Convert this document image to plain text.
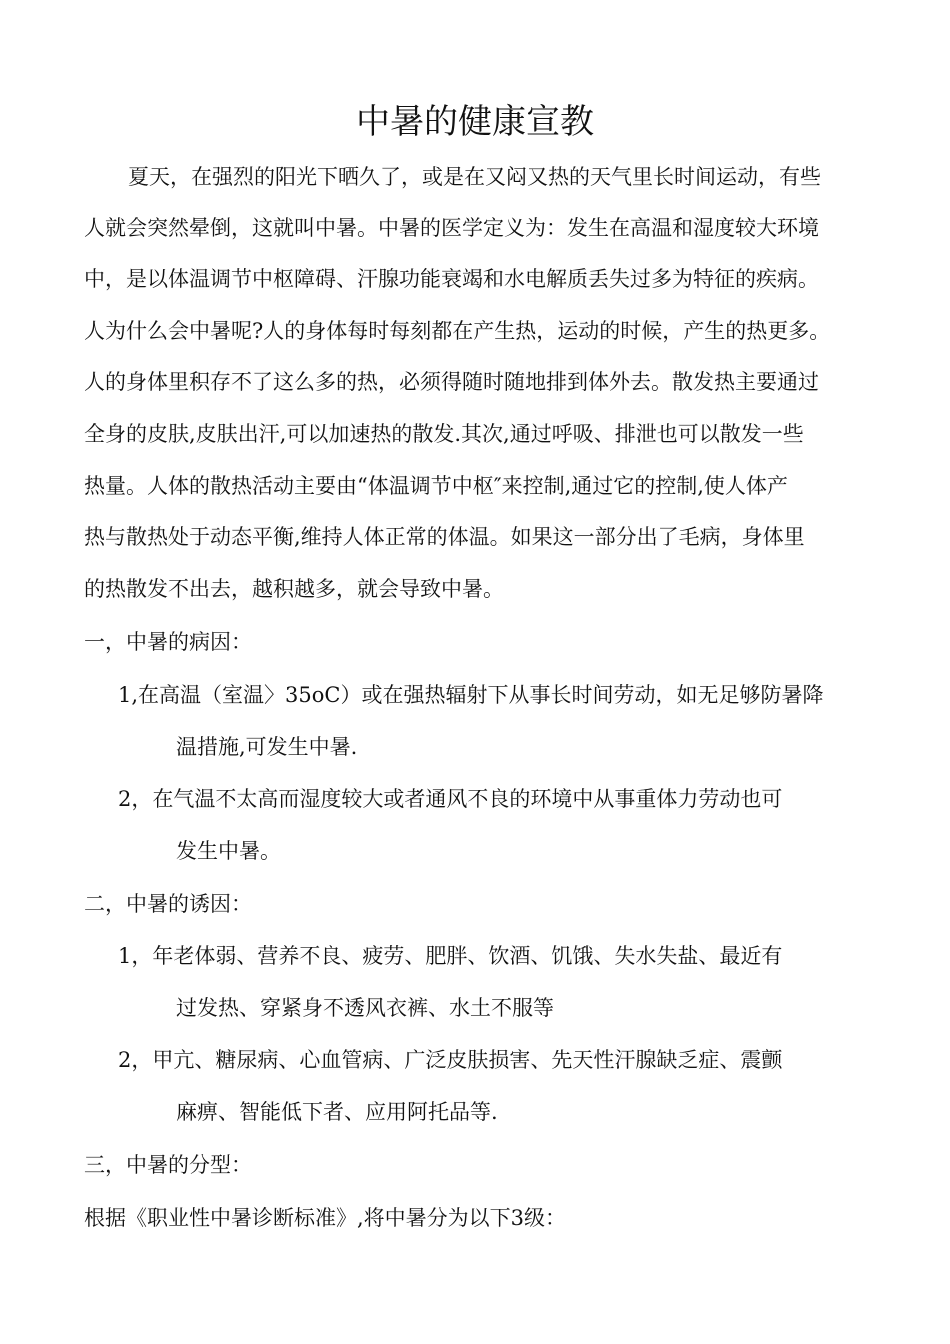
中暑的健康宣教
夏天，在强烈的阳光下晒久了，或是在又闷又热的天气里长时间运动，有些
人就会突然晕倒，这就叫中暑。中暑的医学定义为：发生在高温和湿度较大环境
中，是以体温调节中枢障碍、汗腺功能衰竭和水电解质丢失过多为特征的疾病。
人为什么会中暑呢?人的身体每时每刻都在产生热，运动的时候，产生的热更多。
人的身体里积存不了这么多的热，必须得随时随地排到体外去。散发热主要通过
全身的皮肤,皮肤出汗,可以加速热的散发.其次,通过呼吸、排泄也可以散发一些
热量。人体的散热活动主要由“体温调节中枢″来控制,通过它的控制,使人体产
热与散热处于动态平衡,维持人体正常的体温。如果这一部分出了毛病，身体里
的热散发不出去，越积越多，就会导致中暑。
一，中暑的病因：
1,在高温（室温〉35oC）或在强热辐射下从事长时间劳动，如无足够防暑降
温措施,可发生中暑.
2，在气温不太高而湿度较大或者通风不良的环境中从事重体力劳动也可
发生中暑。
二，中暑的诱因：
1，年老体弱、营养不良、疲劳、肥胖、饮酒、饥饿、失水失盐、最近有
过发热、穿紧身不透风衣裤、水土不服等
2，甲亢、糖尿病、心血管病、广泛皮肤损害、先天性汗腺缺乏症、震颤
麻痹、智能低下者、应用阿托品等.
三，中暑的分型：
根据《职业性中暑诊断标准》,将中暑分为以下3级：
